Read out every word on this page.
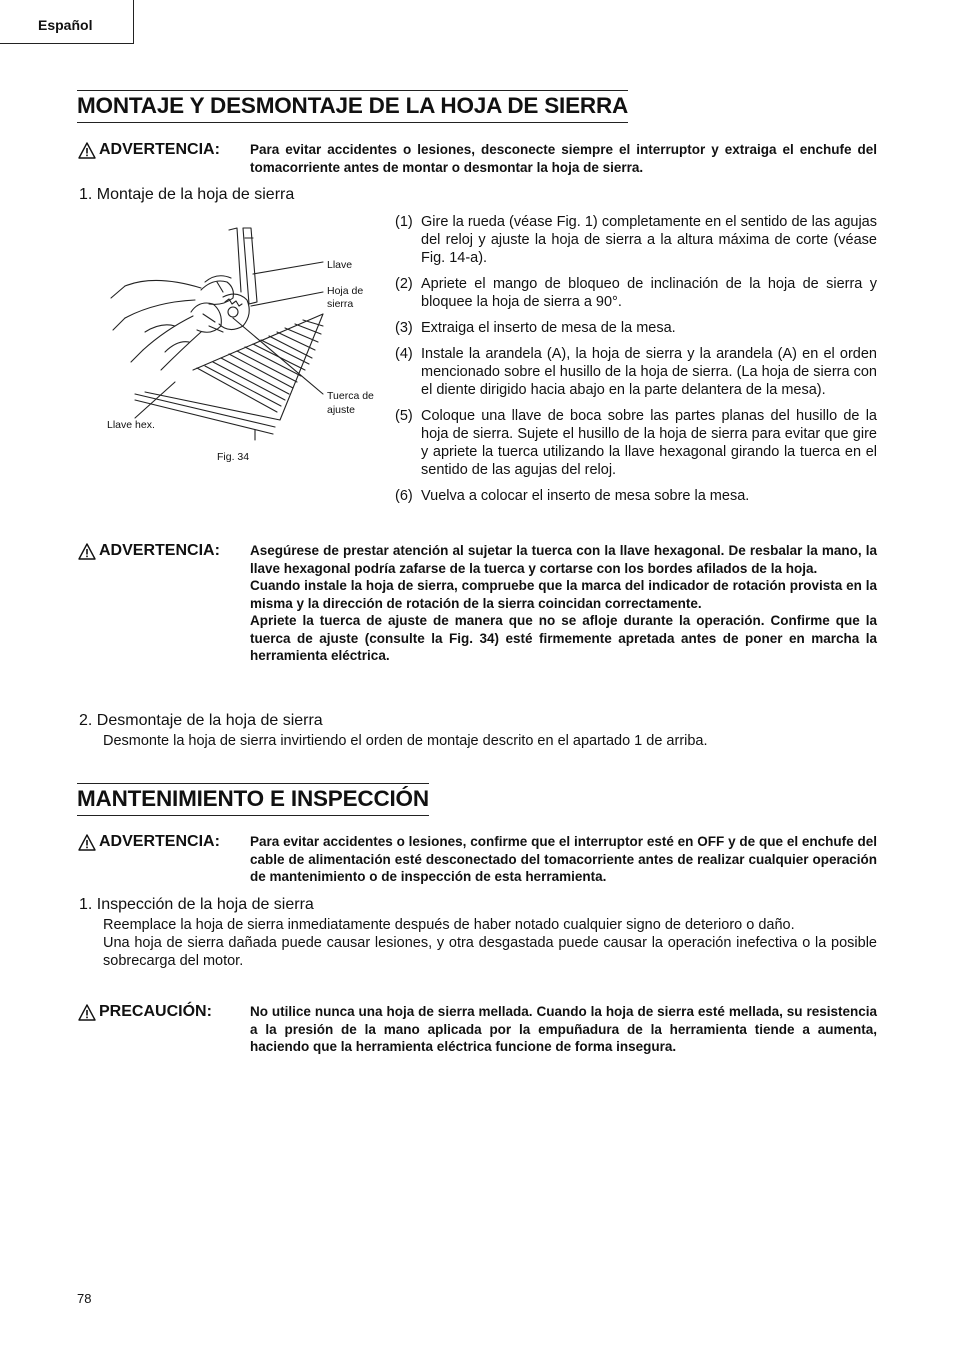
Español
MONTAJE Y DESMONTAJE DE LA HOJA DE SIERRA
ADVERTENCIA: Para evitar accidentes o lesiones, desconecte siempre el interruptor y extraiga el enchufe del tomacorriente antes de montar o desmontar la hoja de sierra.

1. Montaje de la hoja de sierra
Llave
Hoja de
sierra
Tuerca de
ajuste
Llave hex.
Fig. 34
(1) Gire la rueda (véase Fig. 1) completamente en el sentido de las agujas del reloj y ajuste la hoja de sierra a la altura máxima de corte (véase Fig. 14-a).
(2) Apriete el mango de bloqueo de inclinación de la hoja de sierra y bloquee la hoja de sierra a 90°.
(3) Extraiga el inserto de mesa de la mesa.
(4) Instale la arandela (A), la hoja de sierra y la arandela (A) en el orden mencionado sobre el husillo de la hoja de sierra. (La hoja de sierra con el diente dirigido hacia abajo en la parte delantera de la mesa).
(5) Coloque una llave de boca sobre las partes planas del husillo de la hoja de sierra. Sujete el husillo de la hoja de sierra para evitar que gire y apriete la tuerca utilizando la llave hexagonal girando la tuerca en el sentido de las agujas del reloj.
(6) Vuelva a colocar el inserto de mesa sobre la mesa.
ADVERTENCIA: Asegúrese de prestar atención al sujetar la tuerca con la llave hexagonal. De resbalar la mano, la llave hexagonal podría zafarse de la tuerca y cortarse con los bordes afilados de la hoja.

Cuando instale la hoja de sierra, compruebe que la marca del indicador de rotación provista en la misma y la dirección de rotación de la sierra coincidan correctamente.

Apriete la tuerca de ajuste de manera que no se afloje durante la operación. Confirme que la tuerca de ajuste (consulte la Fig. 34) esté firmemente apretada antes de poner en marcha la herramienta eléctrica.

2. Desmontaje de la hoja de sierra

Desmonte la hoja de sierra invirtiendo el orden de montaje descrito en el apartado 1 de arriba.

MANTENIMIENTO E INSPECCIÓN
ADVERTENCIA: Para evitar accidentes o lesiones, confirme que el interruptor esté en OFF y de que el enchufe del cable de alimentación esté desconectado del tomacorriente antes de realizar cualquier operación de mantenimiento o de inspección de esta herramienta.

1. Inspección de la hoja de sierra

Reemplace la hoja de sierra inmediatamente después de haber notado cualquier signo de deterioro o daño.

Una hoja de sierra dañada puede causar lesiones, y otra desgastada puede causar la operación inefectiva o la posible sobrecarga del motor.

PRECAUCIÓN:	No utilice nunca una hoja de sierra mellada. Cuando la hoja de sierra esté mellada, su resistencia a la presión de la mano aplicada por la empuñadura de la herramienta tiende a aumenta, haciendo que la herramienta eléctrica funcione de forma insegura.

78
